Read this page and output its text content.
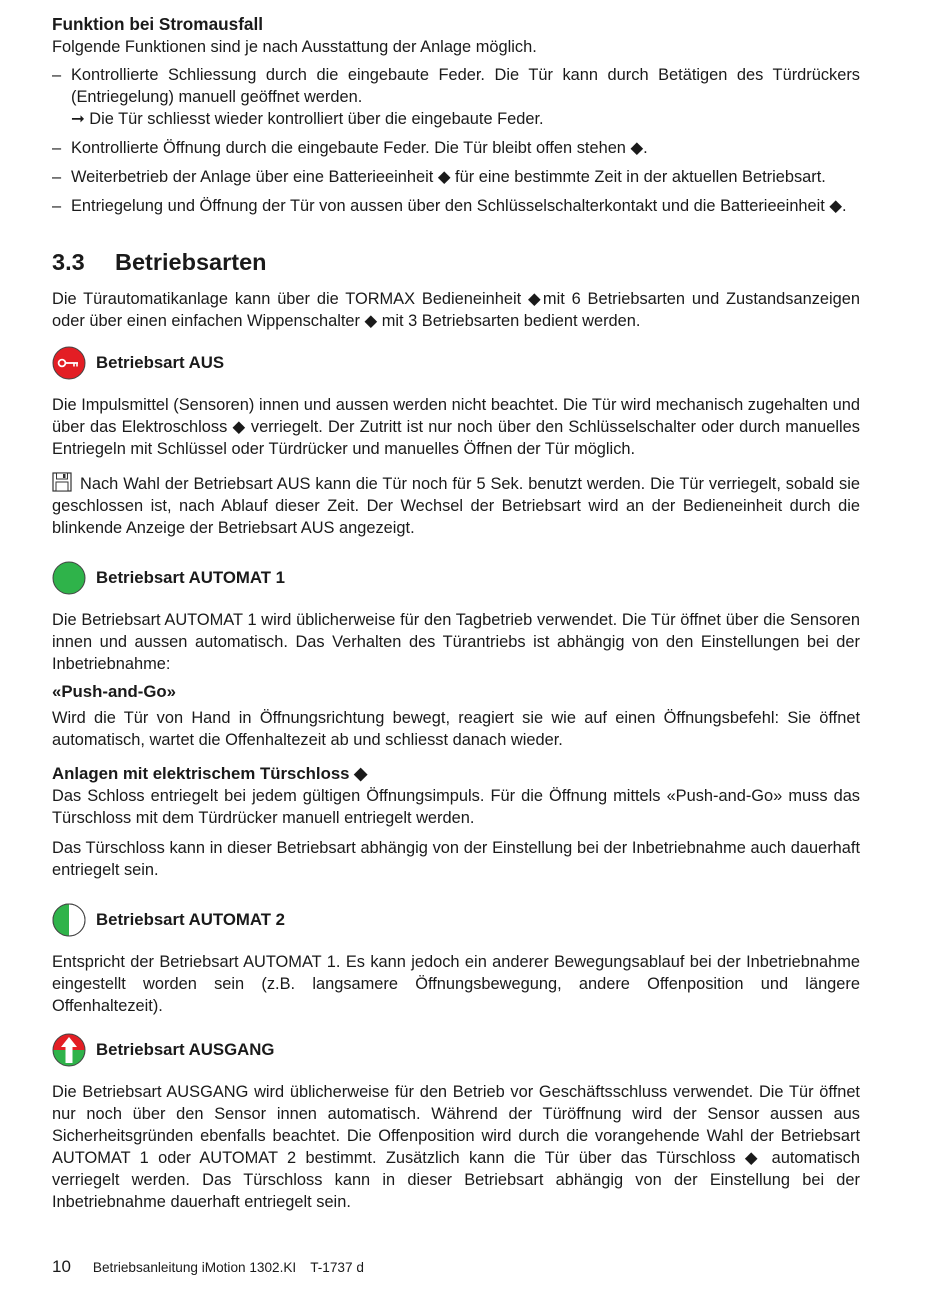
Funktion bei Stromausfall

Folgende Funktionen sind je nach Ausstattung der Anlage möglich.

– Kontrollierte Schliessung durch die eingebaute Feder. Die Tür kann durch Betätigen des Türdrückers (Entriegelung) manuell geöffnet werden.
➞ Die Tür schliesst wieder kontrolliert über die eingebaute Feder.
– Kontrollierte Öffnung durch die eingebaute Feder. Die Tür bleibt offen stehen ◆.
– Weiterbetrieb der Anlage über eine Batterieeinheit ◆ für eine bestimmte Zeit in der aktuellen Betriebsart.
– Entriegelung und Öffnung der Tür von aussen über den Schlüsselschalterkontakt und die Batterieeinheit ◆.
3.3	Betriebsarten

Die Türautomatikanlage kann über die TORMAX Bedieneinheit ◆mit 6 Betriebsarten und Zustandsanzeigen oder über einen einfachen Wippenschalter ◆ mit 3 Betriebsarten bedient werden.

Betriebsart AUS

Die Impulsmittel (Sensoren) innen und aussen werden nicht beachtet. Die Tür wird mechanisch zugehalten und über das Elektroschloss ◆ verriegelt. Der Zutritt ist nur noch über den Schlüsselschalter oder durch manuelles Entriegeln mit Schlüssel oder Türdrücker und manuelles Öffnen der Tür möglich.

Nach Wahl der Betriebsart AUS kann die Tür noch für 5 Sek. benutzt werden. Die Tür verriegelt, sobald sie geschlossen ist, nach Ablauf dieser Zeit. Der Wechsel der Betriebsart wird an der Bedieneinheit durch die blinkende Anzeige der Betriebsart AUS angezeigt.

Betriebsart AUTOMAT 1

Die Betriebsart AUTOMAT 1 wird üblicherweise für den Tagbetrieb verwendet. Die Tür öffnet über die Sensoren innen und aussen automatisch. Das Verhalten des Türantriebs ist abhängig von den Einstellungen bei der Inbetriebnahme:

«Push-and-Go»

Wird die Tür von Hand in Öffnungsrichtung bewegt, reagiert sie wie auf einen Öffnungsbefehl: Sie öffnet automatisch, wartet die Offenhaltezeit ab und schliesst danach wieder.

Anlagen mit elektrischem Türschloss ◆

Das Schloss entriegelt bei jedem gültigen Öffnungsimpuls. Für die Öffnung mittels «Push-and-Go» muss das Türschloss mit dem Türdrücker manuell entriegelt werden.

Das Türschloss kann in dieser Betriebsart abhängig von der Einstellung bei der Inbetriebnahme auch dauerhaft entriegelt sein.

Betriebsart AUTOMAT 2

Entspricht der Betriebsart AUTOMAT 1. Es kann jedoch ein anderer Bewegungsablauf bei der Inbetriebnahme eingestellt worden sein (z.B. langsamere Öffnungsbewegung, andere Offenposition und längere Offenhaltezeit).

Betriebsart AUSGANG

Die Betriebsart AUSGANG wird üblicherweise für den Betrieb vor Geschäftsschluss verwendet. Die Tür öffnet nur noch über den Sensor innen automatisch. Während der Türöffnung wird der Sensor aussen aus Sicherheitsgründen ebenfalls beachtet. Die Offenposition wird durch die vorangehende Wahl der Betriebsart AUTOMAT 1 oder AUTOMAT 2 bestimmt. Zusätzlich kann die Tür über das Türschloss ◆ automatisch verriegelt werden. Das Türschloss kann in dieser Betriebsart abhängig von der Einstellung bei der Inbetriebnahme dauerhaft entriegelt sein.

10 Betriebsanleitung iMotion 1302.KI T-1737 d
